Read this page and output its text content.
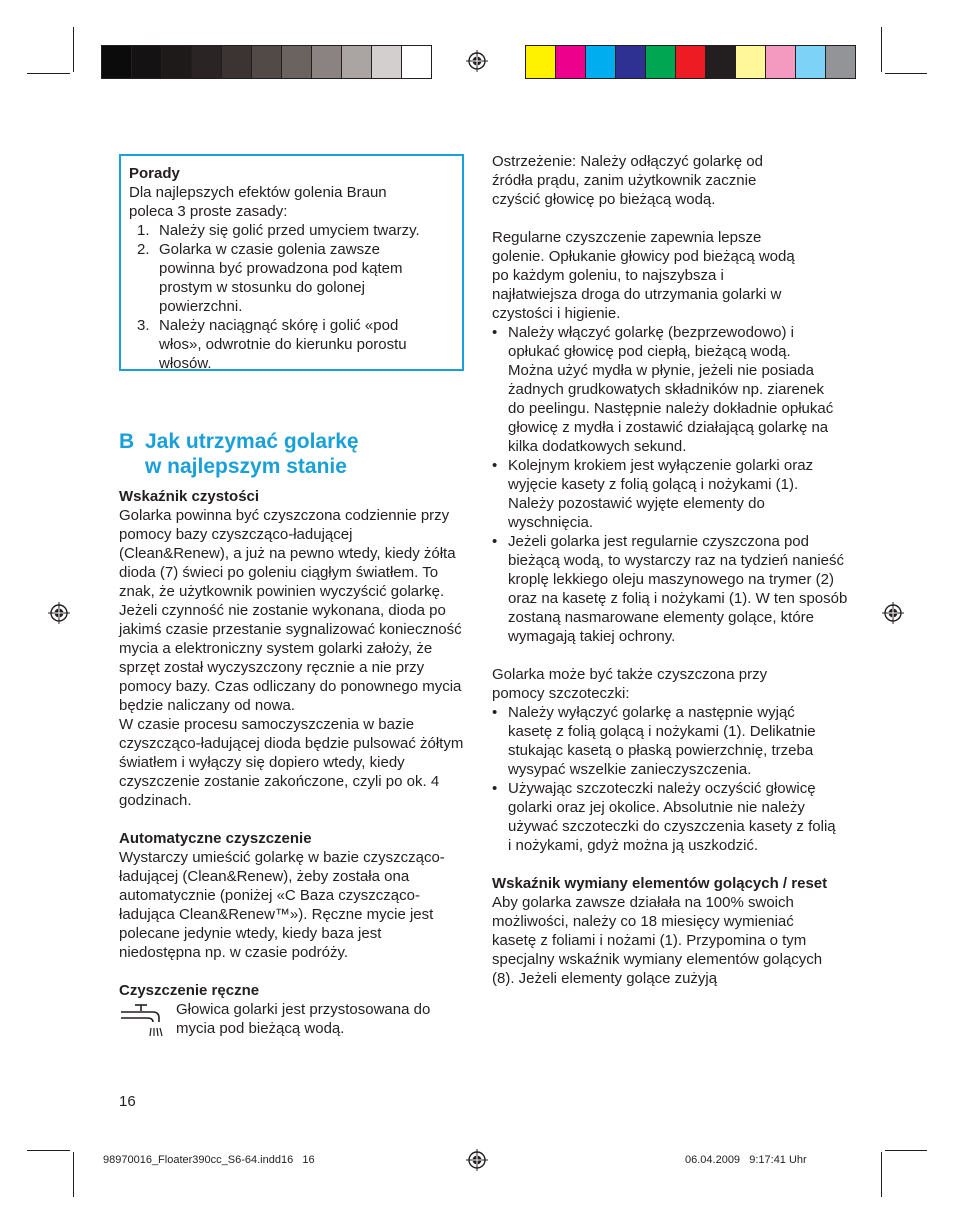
Porady
Dla najlepszych efektów golenia Braun poleca 3 proste zasady:
1. Należy się golić przed umyciem twarzy.
2. Golarka w czasie golenia zawsze powinna być prowadzona pod kątem prostym w stosunku do golonej powierzchni.
3. Należy naciągnąć skórę i golić «pod włos», odwrotnie do kierunku porostu włosów.
B Jak utrzymać golarkę
w najlepszym stanie
Wskaźnik czystości
Golarka powinna być czyszczona codziennie przy pomocy bazy czyszcząco-ładującej (Clean&Renew), a już na pewno wtedy, kiedy żółta dioda (7) świeci po goleniu ciągłym światłem. To znak, że użytkownik powinien wyczyścić golarkę. Jeżeli czynność nie zostanie wykonana, dioda po jakimś czasie przestanie sygnalizować konieczność mycia a elektroniczny system golarki założy, że sprzęt został wyczyszczony ręcznie a nie przy pomocy bazy. Czas odliczany do ponownego mycia będzie naliczany od nowa.
W czasie procesu samoczyszczenia w bazie czyszcząco-ładującej dioda będzie pulsować żółtym światłem i wyłączy się dopiero wtedy, kiedy czyszczenie zostanie zakończone, czyli po ok. 4 godzinach.
Automatyczne czyszczenie
Wystarczy umieścić golarkę w bazie czyszcząco-ładującej (Clean&Renew), żeby została ona automatycznie (poniżej «C Baza czyszcząco-ładująca Clean&Renew™»). Ręczne mycie jest polecane jedynie wtedy, kiedy baza jest niedostępna np. w czasie podróży.
Czyszczenie ręczne
Głowica golarki jest przystosowana do mycia pod bieżącą wodą.
Ostrzeżenie: Należy odłączyć golarkę od źródła prądu, zanim użytkownik zacznie czyścić głowicę po bieżącą wodą.
Regularne czyszczenie zapewnia lepsze golenie. Opłukanie głowicy pod bieżącą wodą po każdym goleniu, to najszybsza i najłatwiejsza droga do utrzymania golarki w czystości i higienie.
• Należy włączyć golarkę (bezprzewodowo) i opłukać głowicę pod ciepłą, bieżącą wodą. Można użyć mydła w płynie, jeżeli nie posiada żadnych grudkowatych składników np. ziarenek do peelingu. Następnie należy dokładnie opłukać głowicę z mydła i zostawić działającą golarkę na kilka dodatkowych sekund.
• Kolejnym krokiem jest wyłączenie golarki oraz wyjęcie kasety z folią golącą i nożykami (1). Należy pozostawić wyjęte elementy do wyschnięcia.
• Jeżeli golarka jest regularnie czyszczona pod bieżącą wodą, to wystarczy raz na tydzień nanieść kroplę lekkiego oleju maszynowego na trymer (2) oraz na kasetę z folią i nożykami (1). W ten sposób zostaną nasmarowane elementy golące, które wymagają takiej ochrony.
Golarka może być także czyszczona przy pomocy szczoteczki:
• Należy wyłączyć golarkę a następnie wyjąć kasetę z folią golącą i nożykami (1). Delikatnie stukając kasetą o płaską powierzchnię, trzeba wysypać wszelkie zanieczyszczenia.
• Używając szczoteczki należy oczyścić głowicę golarki oraz jej okolice. Absolutnie nie należy używać szczoteczki do czyszczenia kasety z folią i nożykami, gdyż można ją uszkodzić.
Wskaźnik wymiany elementów golących / reset
Aby golarka zawsze działała na 100% swoich możliwości, należy co 18 miesięcy wymieniać kasetę z foliami i nożami (1). Przypomina o tym specjalny wskaźnik wymiany elementów golących (8). Jeżeli elementy golące zużyją
16
98970016_Floater390cc_S6-64.indd16   16	06.04.2009   9:17:41 Uhr
